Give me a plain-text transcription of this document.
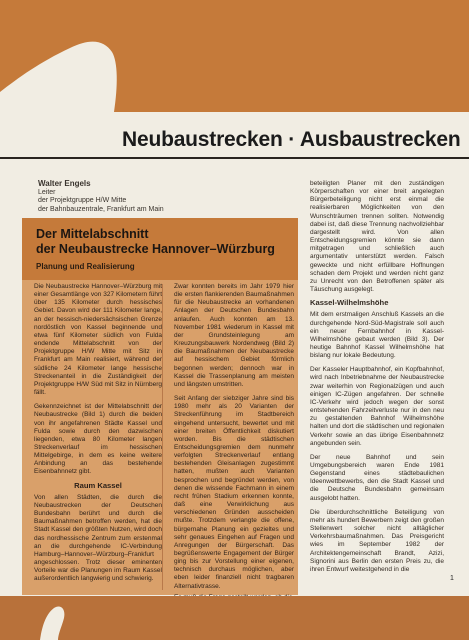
Neubaustrecken · Ausbaustrecken
Walter Engels
Leiter
der Projektgruppe H/W Mitte
der Bahnbauzentrale, Frankfurt am Main
Der Mittelabschnitt
der Neubaustrecke Hannover–Würzburg
Planung und Realisierung

Die Neubaustrecke Hannover–Würzburg mit einer Gesamtlänge von 327 Kilometern führt über 135 Kilometer durch hessisches Gebiet. Davon wird der 111 Kilometer lange, an der hessisch-niedersächsischen Grenze nordöstlich von Kassel beginnende und etwa fünf Kilometer südlich von Fulda endende Mittelabschnitt von der Projektgruppe H/W Mitte mit Sitz in Frankfurt am Main realisiert, während der südliche 24 Kilometer lange hessische Streckenanteil in die Zuständigkeit der Projektgruppe H/W Süd mit Sitz in Nürnberg fällt.

Gekennzeichnet ist der Mittelabschnitt der Neubaustrecke (Bild 1) durch die beiden von ihr angefahrenen Städte Kassel und Fulda sowie durch den dazwischen liegenden, etwa 80 Kilometer langen Streckenverlauf im hessischen Mittelgebirge, in dem es keine weitere Anbindung an das bestehende Eisenbahnnetz gibt.

Raum Kassel

Von allen Städten, die durch die Neubaustrecken der Deutschen Bundesbahn berührt und durch die Baumaßnahmen betroffen werden, hat die Stadt Kassel den größten Nutzen, wird doch das nordhessische Zentrum zum erstenmal an die durchgehende IC-Verbindung Hamburg–Hannover–Würzburg–Frankfurt angeschlossen. Trotz dieser eminenten Vorteile war die Planungen im Raum Kassel außerordentlich langwierig und schwierig.

Zwar konnten bereits im Jahr 1979 hier die ersten flankierenden Baumaßnahmen für die Neubaustrecke an vorhandenen Anlagen der Deutschen Bundesbahn anlaufen. Auch konnten am 13. November 1981 wiederum in Kassel mit der Grundsteinlegung am Kreuzungsbauwerk Nordendweg (Bild 2) die Baumaßnahmen der Neubaustrecke auf hessischem Gebiet förmlich begonnen werden; dennoch war in Kassel die Trassenplanung am meisten und längsten umstritten.

Seit Anfang der siebziger Jahre sind bis 1980 mehr als 20 Varianten der Streckenführung im Stadtbereich eingehend untersucht, bewertet und mit einer breiten Öffentlichkeit diskutiert worden. Bis die städtischen Entscheidungsgremien dem nunmehr verfolgten Streckenverlauf entlang bestehenden Gleisanlagen zugestimmt hatten, mußten auch Varianten besprochen und begründet werden, von denen die wissende Fachmann in einem recht frühen Stadium erkennen konnte, daß eine Verwirklichung aus verschiedenen Gründen ausscheiden mußte. Trotzdem verlangte die offene, bürgernahe Planung ein gezieltes und sehr genaues Eingehen auf Fragen und Anregungen der Bürgerschaft. Das begrüßenswerte Engagement der Bürger ging bis zur Vorstellung einer eigenen, technisch durchaus möglichen, aber eben leider finanziell nicht tragbaren Alternativtrasse.

beteiligten Planer mit den zuständigen Körperschaften vor einer breit angelegten Bürgerbeteiligung nicht erst einmal die realisierbaren Möglichkeiten von den Wunschträumen trennen sollten. Notwendig dabei ist, daß diese Trennung nachvollziehbar dargestellt wird. Von allen Entscheidungsgremien könnte sie dann mitgetragen und schließlich auch argumentativ unterstützt werden. Falsch geweckte und nicht erfüllbare Hoffnungen schaden dem Projekt und werden nicht ganz zu Unrecht von den Betroffenen später als Täuschung ausgelegt.

Kassel-Wilhelmshöhe

Mit dem erstmaligen Anschluß Kassels an die durchgehende Nord-Süd-Magistrale soll auch ein neuer Fernbahnhof in Kassel-Wilhelmshöhe gebaut werden (Bild 3). Der heutige Bahnhof Kassel Wilhelmshöhe hat bislang nur lokale Bedeutung.

Der Kasseler Hauptbahnhof, ein Kopfbahnhof, wird nach Inbetriebnahme der Neubaustrecke zwar weiterhin von Regionalzügen und auch einigen IC-Zügen angefahren. Der schnelle IC-Verkehr wird jedoch wegen der sonst entstehenden Fahrzeitverluste nur in den neu zu gestaltenden Bahnhof Wilhelmshöhe halten und dort die städtischen und regionalen Verkehr sowie an das übrige Eisenbahnnetz angebunden sein.

Der neue Bahnhof und sein Umgebungsbereich waren Ende 1981 Gegenstand eines städtebaulichen Ideenwettbewerbs, den die Stadt Kassel und die Deutsche Bundesbahn gemeinsam ausgelobt hatten.

Die überdurchschnittliche Beteiligung von mehr als hundert Bewerbern zeigt den großen Stellenwert solcher nicht alltäglicher Verkehrsbaumaßnahmen. Das Preisgericht wies im September 1982 der Architektengemeinschaft Brandt, Azizi, Signorini aus Berlin den ersten Preis zu, die ihren Entwurf weitestgehend in die

1
